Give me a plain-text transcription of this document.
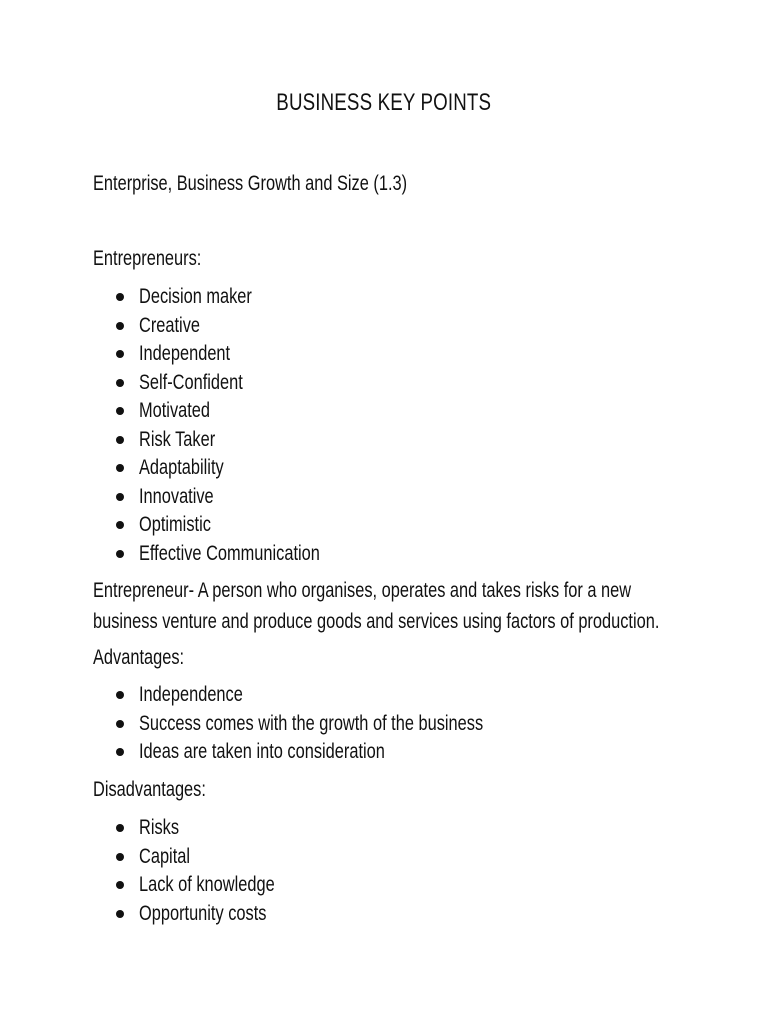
BUSINESS KEY POINTS
Enterprise, Business Growth and Size (1.3)
Entrepreneurs:
Decision maker
Creative
Independent
Self-Confident
Motivated
Risk Taker
Adaptability
Innovative
Optimistic
Effective Communication
Entrepreneur- A person who organises, operates and takes risks for a new
business venture and produce goods and services using factors of production.
Advantages:
Independence
Success comes with the growth of the business
Ideas are taken into consideration
Disadvantages:
Risks
Capital
Lack of knowledge
Opportunity costs
